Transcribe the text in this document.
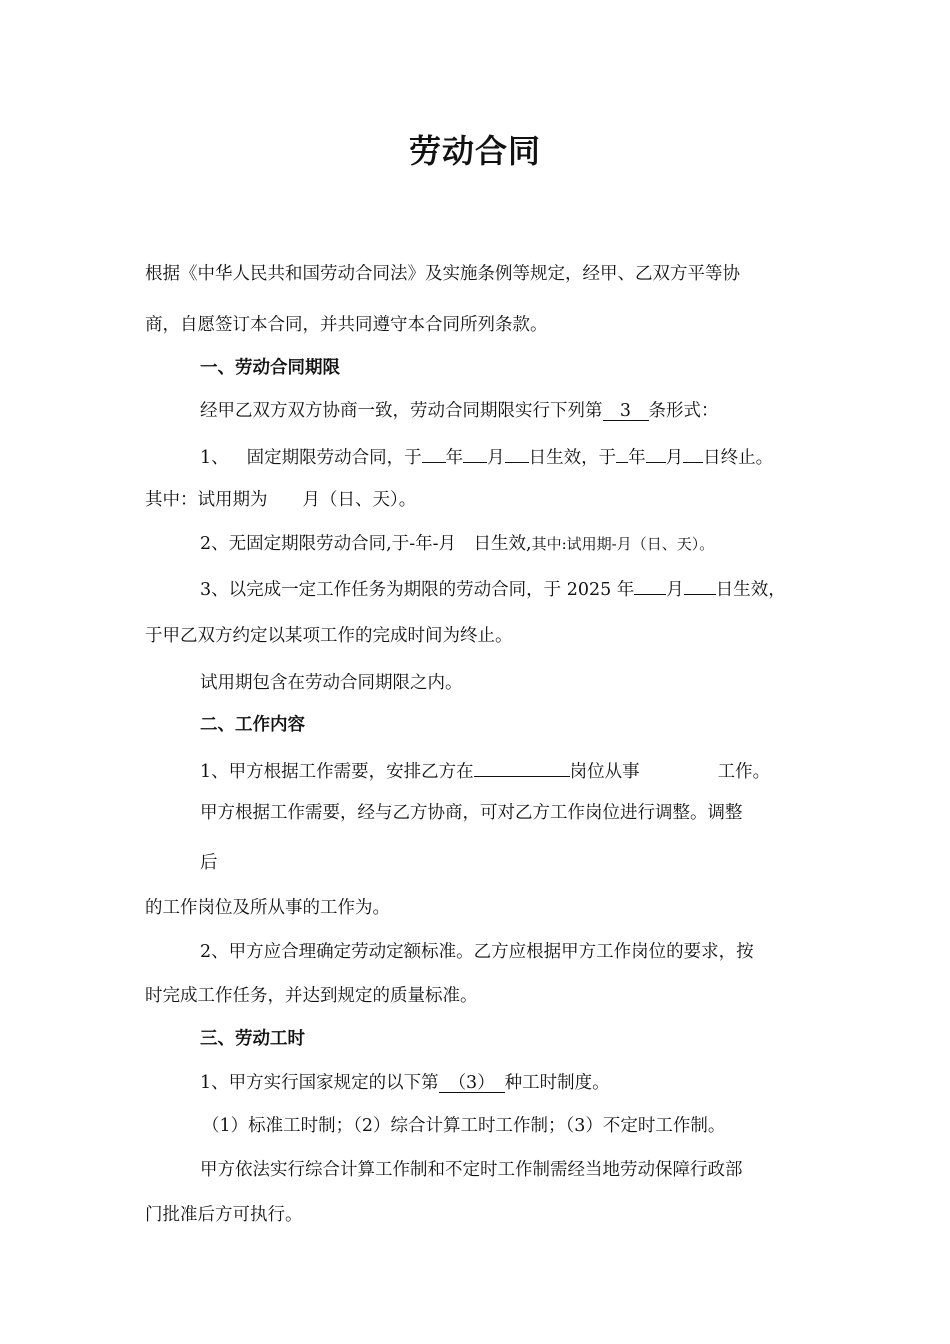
劳动合同
根据《中华人民共和国劳动合同法》及实施条例等规定，经甲、乙双方平等协
商，自愿签订本合同，并共同遵守本合同所列条款。
一、劳动合同期限
经甲乙双方双方协商一致，劳动合同期限实行下列第 3 条形式：
1、 固定期限劳动合同，于 年 月 日生效，于 年 月 日终止。
其中：试用期为　　月（日、天）。
2、无固定期限劳动合同,于-年-月　日生效,其中:试用期-月（日、天）。
3、以完成一定工作任务为期限的劳动合同，于 2025 年 月 日生效，
于甲乙双方约定以某项工作的完成时间为终止。
试用期包含在劳动合同期限之内。
二、工作内容
1、甲方根据工作需要，安排乙方在	岗位从事	工作。
甲方根据工作需要，经与乙方协商，可对乙方工作岗位进行调整。调整
后
的工作岗位及所从事的工作为。
2、甲方应合理确定劳动定额标准。乙方应根据甲方工作岗位的要求，按
时完成工作任务，并达到规定的质量标准。
三、劳动工时
1、甲方实行国家规定的以下第 （3） 种工时制度。
（1）标准工时制；（2）综合计算工时工作制；（3）不定时工作制。
甲方依法实行综合计算工作制和不定时工作制需经当地劳动保障行政部
门批准后方可执行。
